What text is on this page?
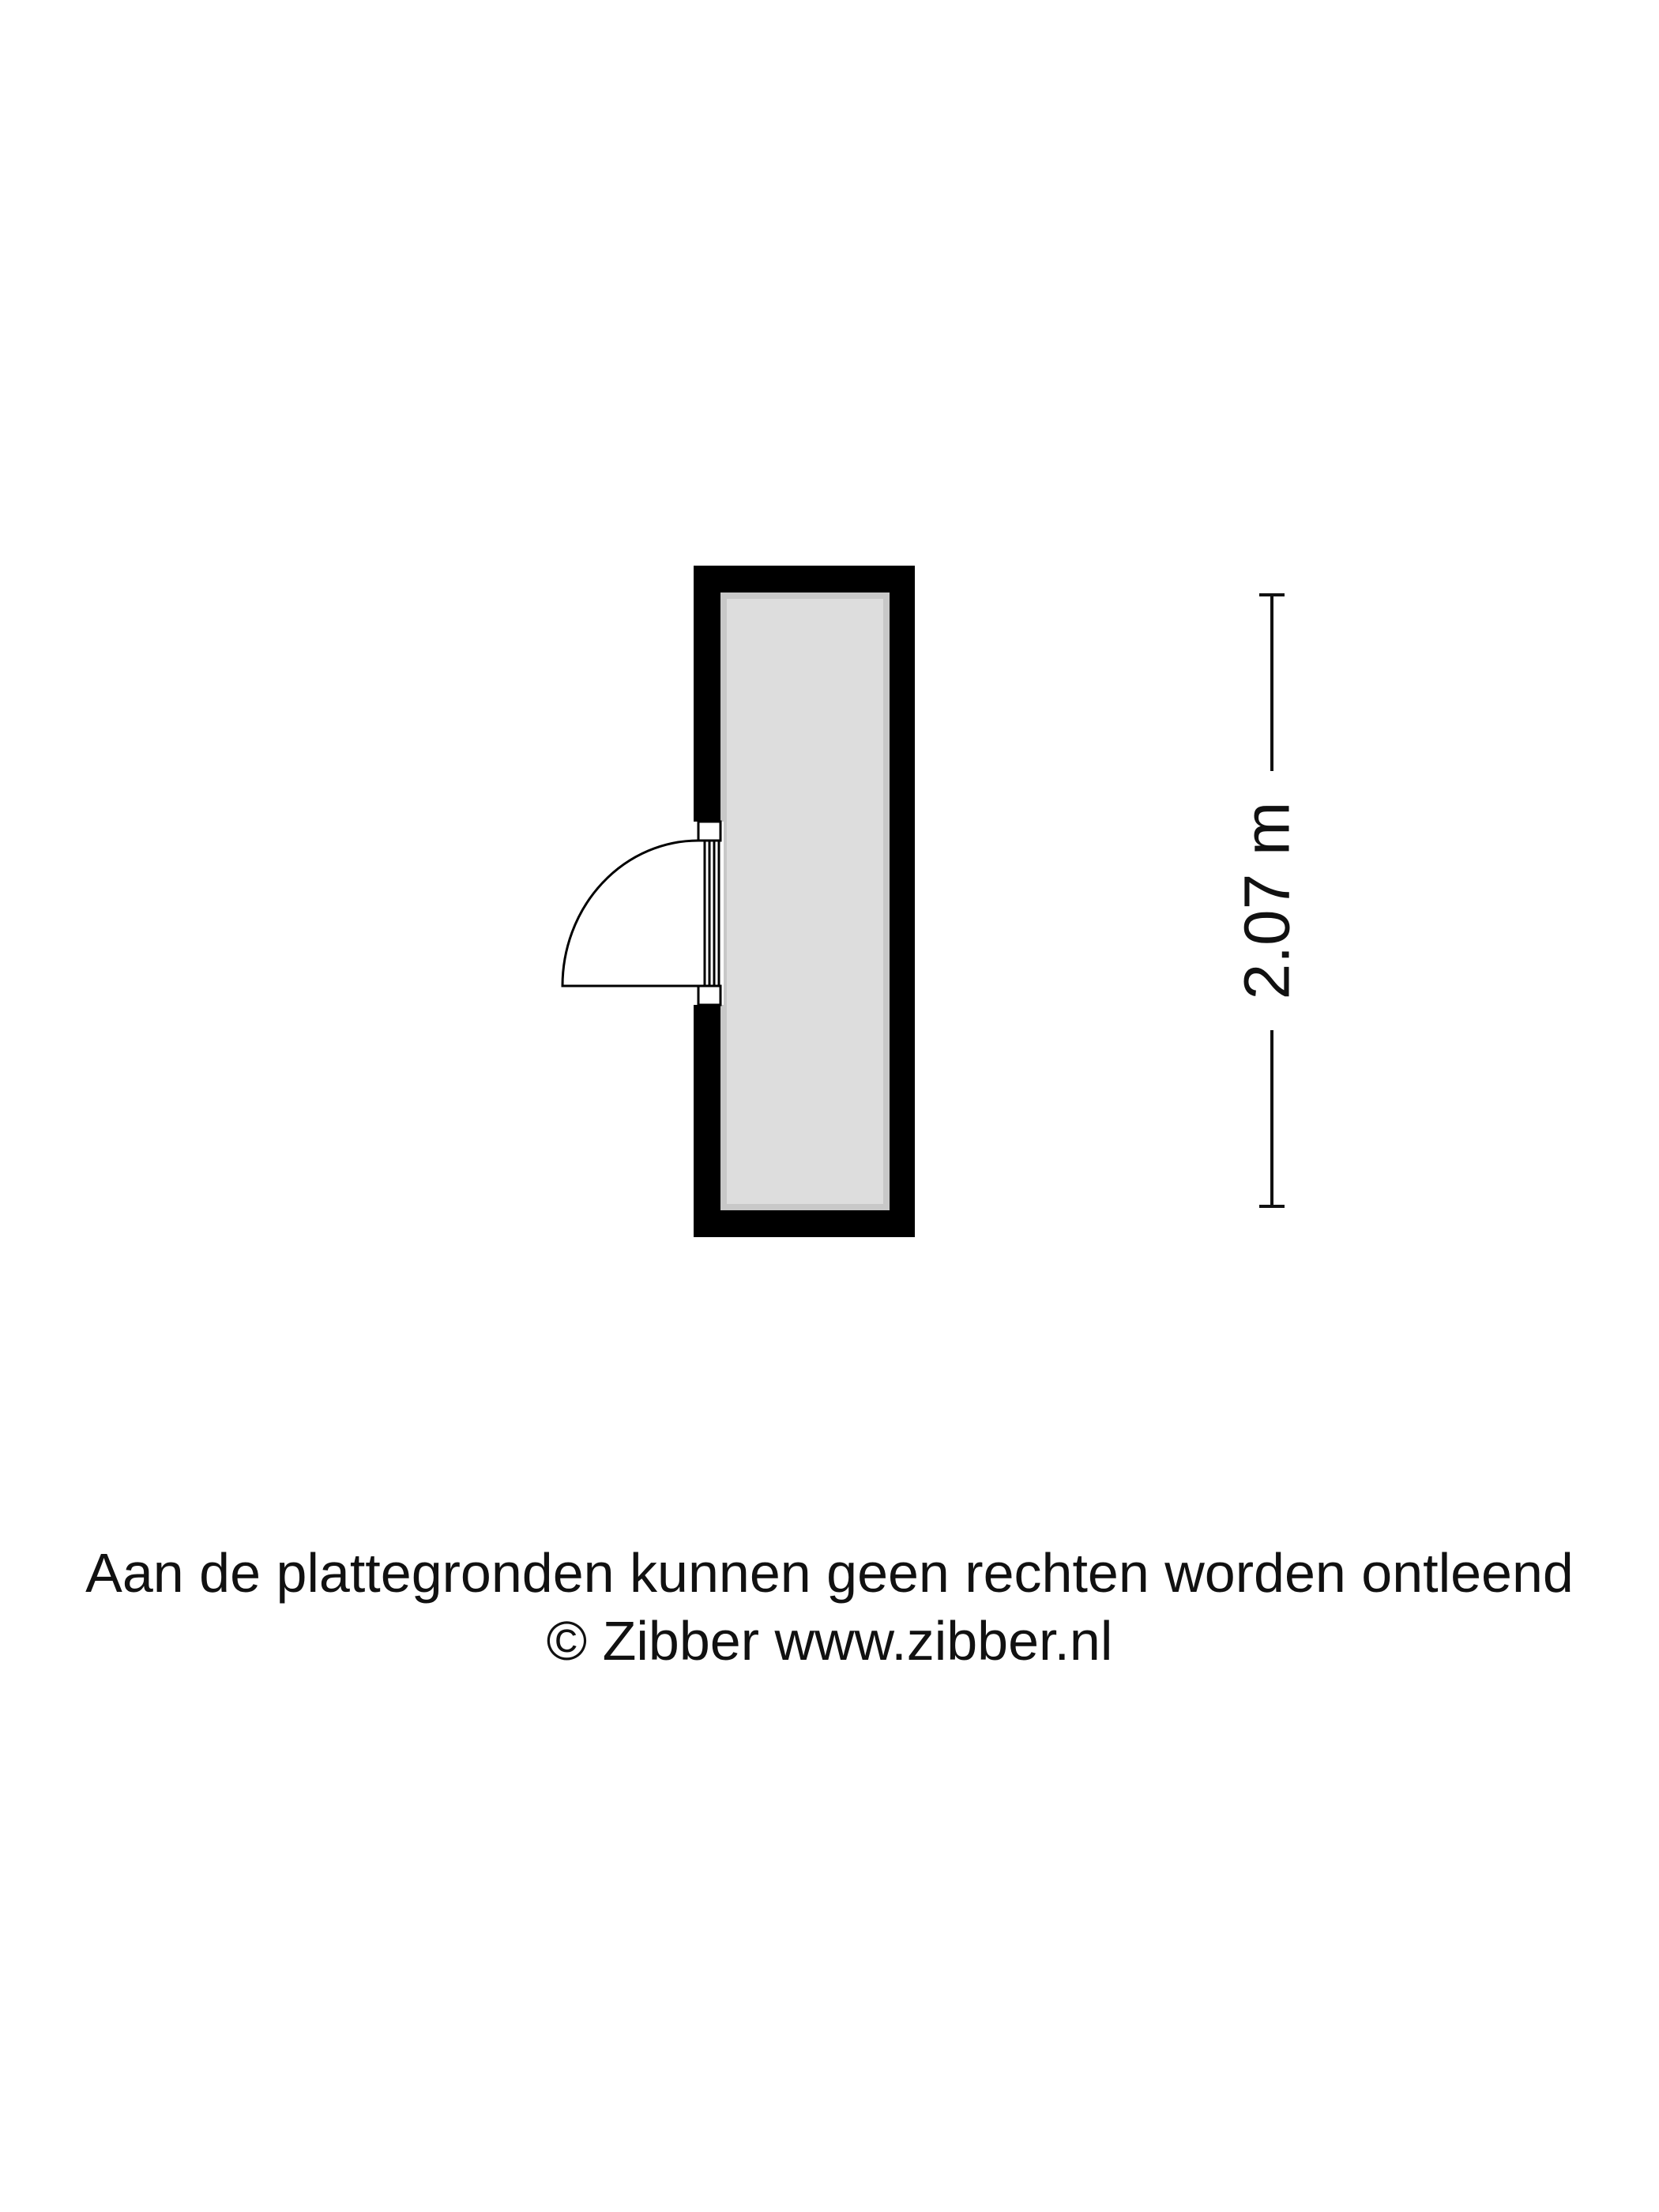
2.07 m
Aan de plattegronden kunnen geen rechten worden ontleend
© Zibber www.zibber.nl
